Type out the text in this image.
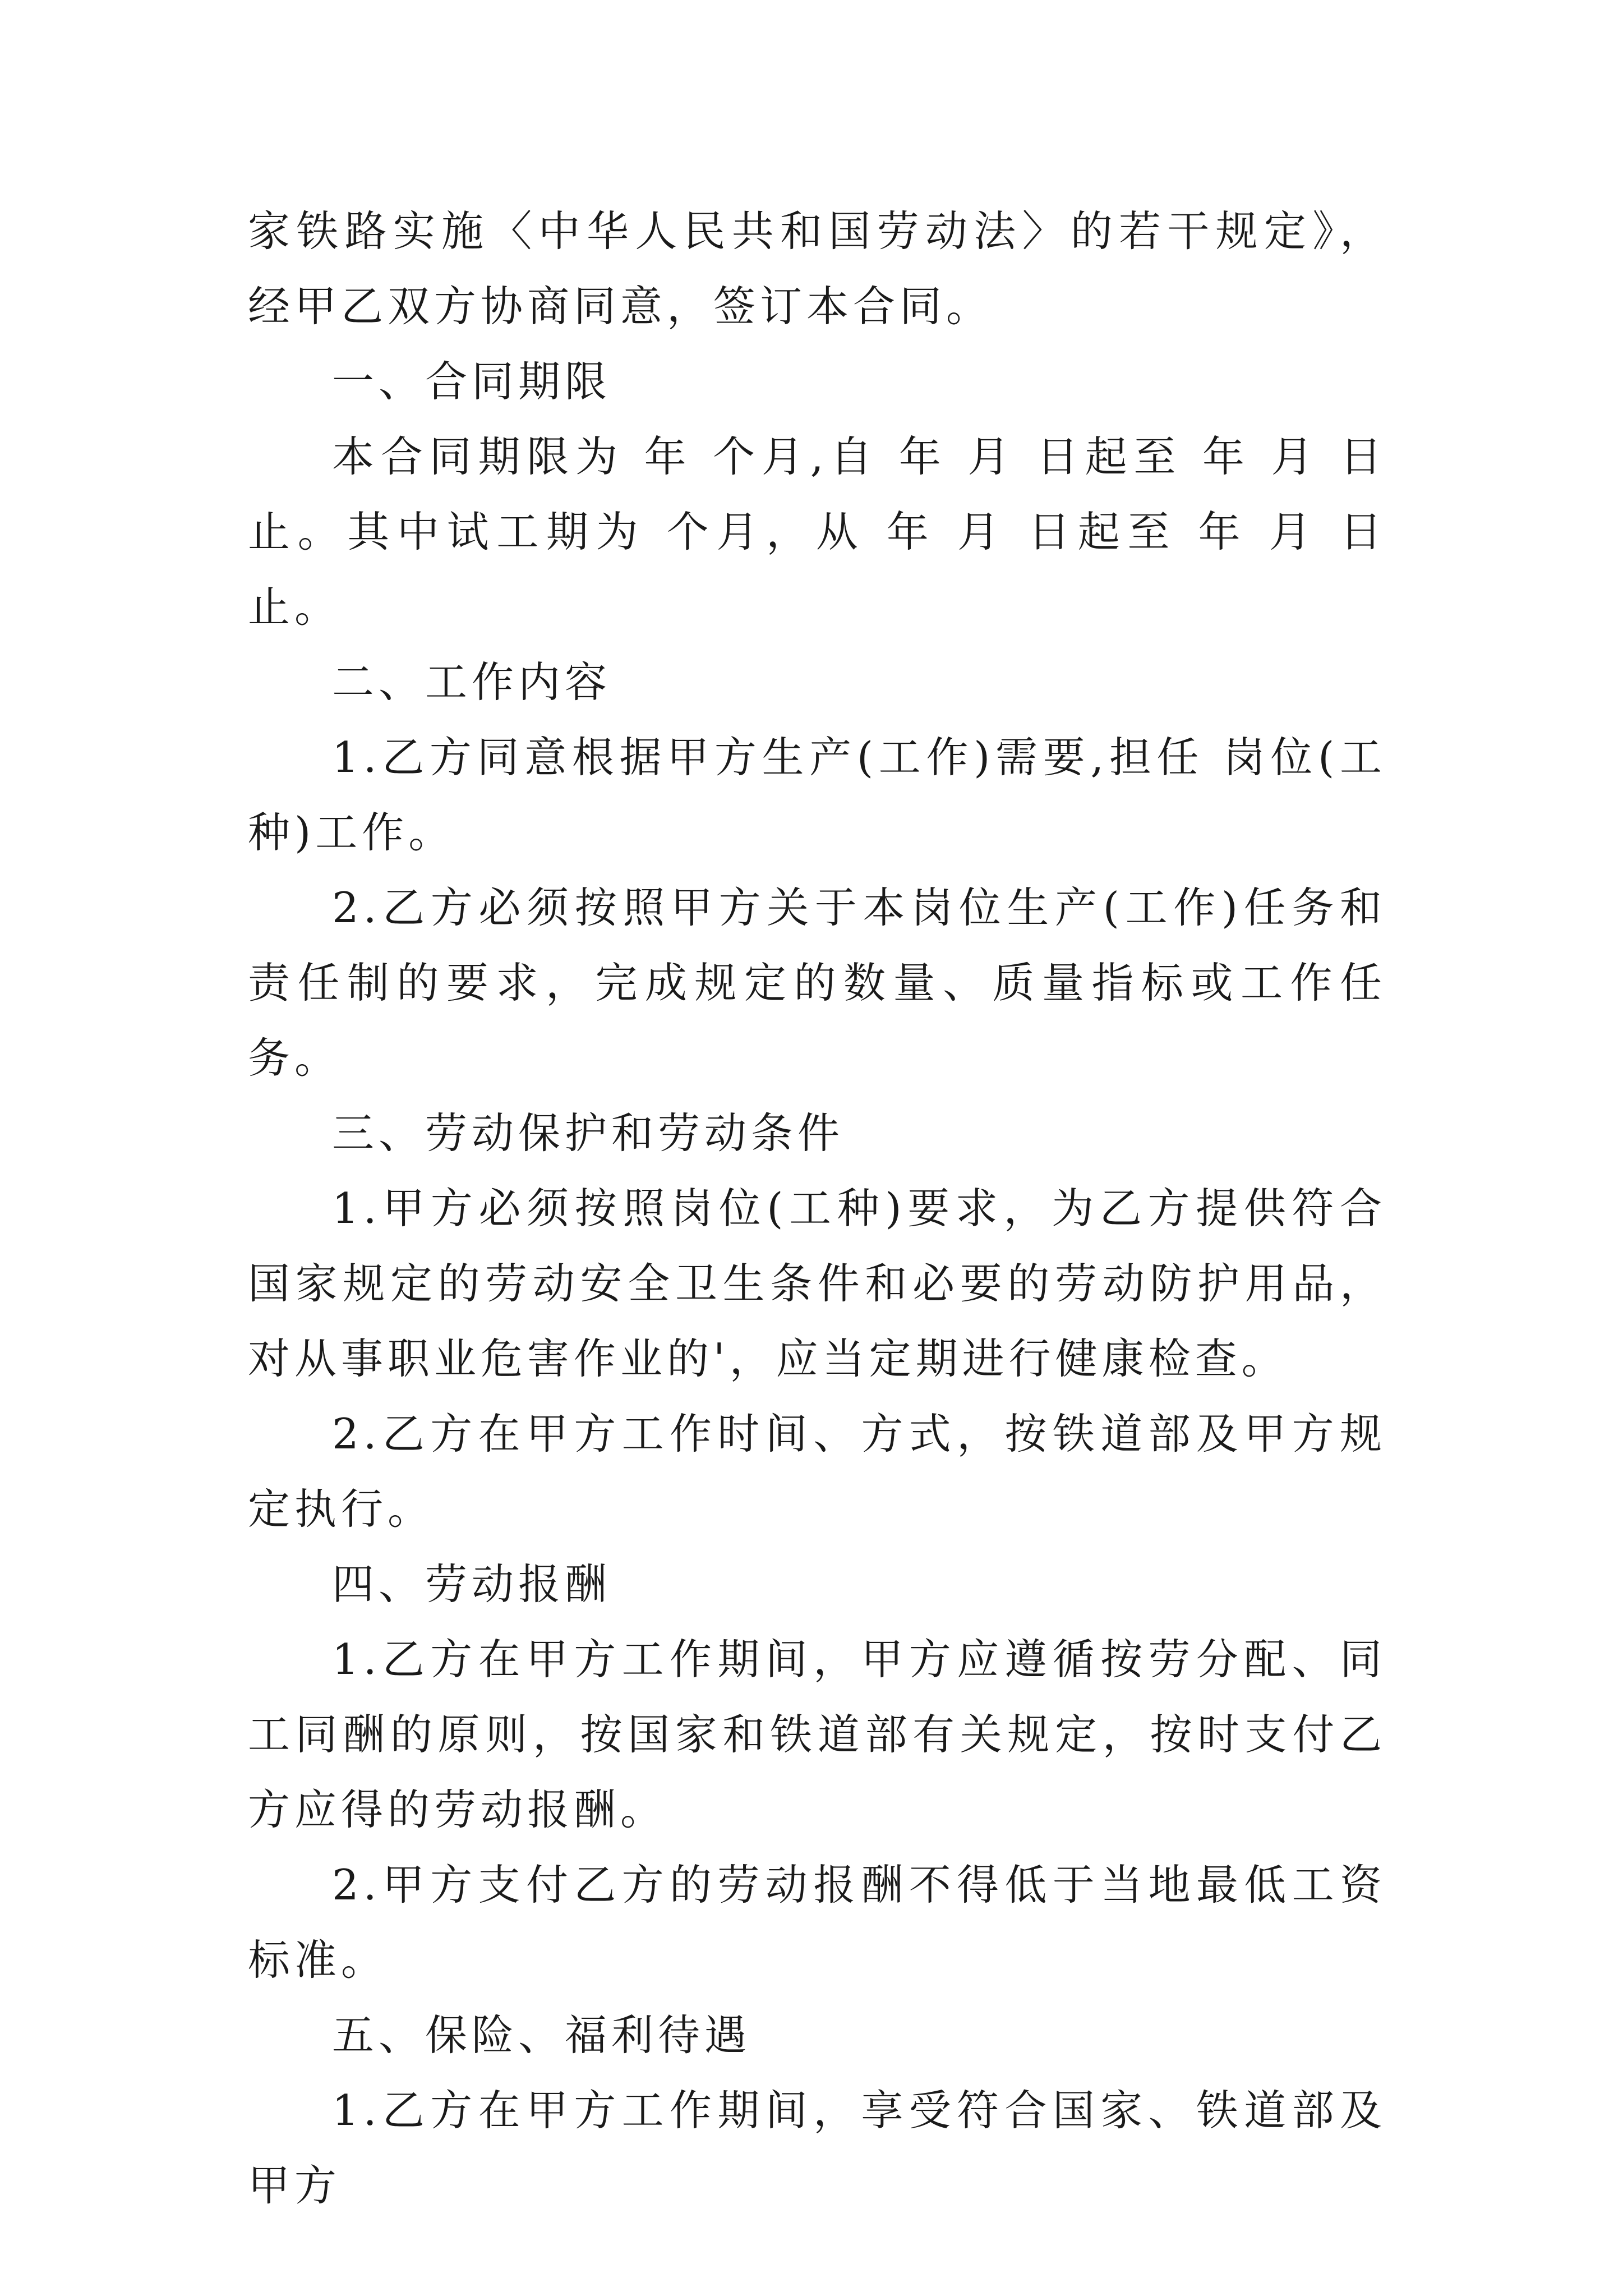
家铁路实施〈中华人民共和国劳动法〉的若干规定》，经甲乙双方协商同意，签订本合同。

一、合同期限

本合同期限为 年 个月,自 年 月 日起至 年 月 日止。其中试工期为 个月，从 年 月 日起至 年 月 日止。

二、工作内容

1.乙方同意根据甲方生产(工作)需要,担任 岗位(工种)工作。

2.乙方必须按照甲方关于本岗位生产(工作)任务和责任制的要求，完成规定的数量、质量指标或工作任务。

三、劳动保护和劳动条件

1.甲方必须按照岗位(工种)要求，为乙方提供符合国家规定的劳动安全卫生条件和必要的劳动防护用品，对从事职业危害作业的'，应当定期进行健康检查。

2.乙方在甲方工作时间、方式，按铁道部及甲方规定执行。

四、劳动报酬

1.乙方在甲方工作期间，甲方应遵循按劳分配、同工同酬的原则，按国家和铁道部有关规定，按时支付乙方应得的劳动报酬。

2.甲方支付乙方的劳动报酬不得低于当地最低工资标准。

五、保险、福利待遇

1.乙方在甲方工作期间，享受符合国家、铁道部及甲方
